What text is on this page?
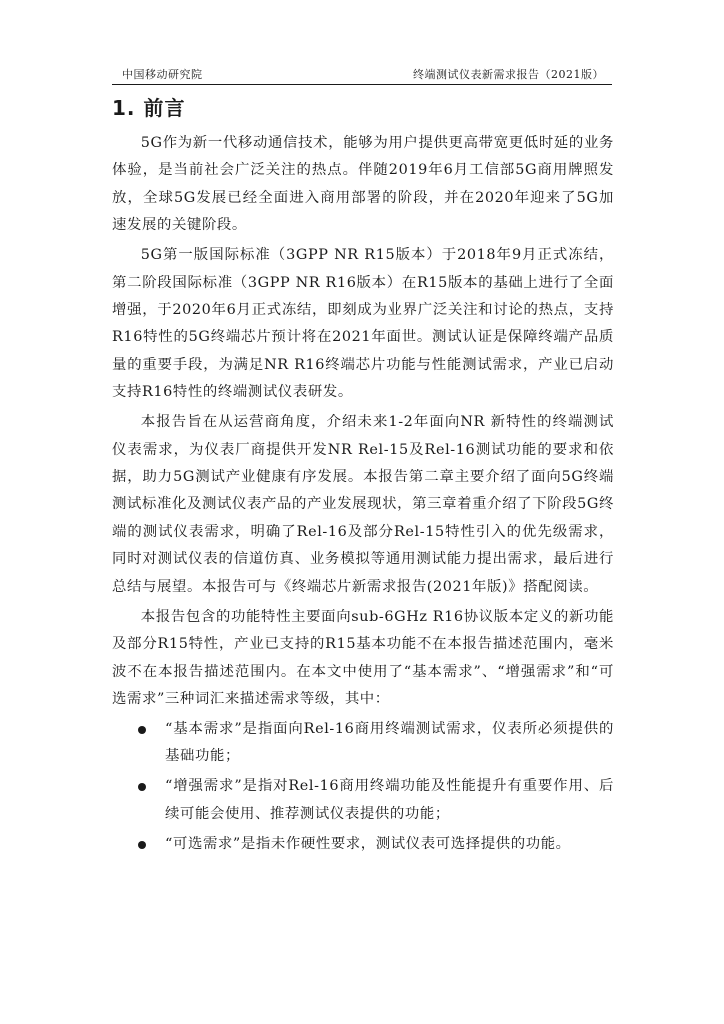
中国移动研究院	终端测试仪表新需求报告（2021版）
1. 前言

5G作为新一代移动通信技术，能够为用户提供更高带宽更低时延的业务体验，是当前社会广泛关注的热点。伴随2019年6月工信部5G商用牌照发放，全球5G发展已经全面进入商用部署的阶段，并在2020年迎来了5G加速发展的关键阶段。

5G第一版国际标准（3GPP NR R15版本）于2018年9月正式冻结，第二阶段国际标准（3GPP NR R16版本）在R15版本的基础上进行了全面增强，于2020年6月正式冻结，即刻成为业界广泛关注和讨论的热点，支持R16特性的5G终端芯片预计将在2021年面世。测试认证是保障终端产品质量的重要手段，为满足NR R16终端芯片功能与性能测试需求，产业已启动支持R16特性的终端测试仪表研发。

本报告旨在从运营商角度，介绍未来1-2年面向NR 新特性的终端测试仪表需求，为仪表厂商提供开发NR Rel-15及Rel-16测试功能的要求和依据，助力5G测试产业健康有序发展。本报告第二章主要介绍了面向5G终端测试标准化及测试仪表产品的产业发展现状，第三章着重介绍了下阶段5G终端的测试仪表需求，明确了Rel-16及部分Rel-15特性引入的优先级需求，同时对测试仪表的信道仿真、业务模拟等通用测试能力提出需求，最后进行总结与展望。本报告可与《终端芯片新需求报告(2021年版)》搭配阅读。

本报告包含的功能特性主要面向sub-6GHz R16协议版本定义的新功能及部分R15特性，产业已支持的R15基本功能不在本报告描述范围内，毫米波不在本报告描述范围内。在本文中使用了“基本需求”、“增强需求”和“可选需求”三种词汇来描述需求等级，其中：

“基本需求”是指面向Rel-16商用终端测试需求，仪表所必须提供的基础功能；
“增强需求”是指对Rel-16商用终端功能及性能提升有重要作用、后续可能会使用、推荐测试仪表提供的功能；
“可选需求”是指未作硬性要求，测试仪表可选择提供的功能。
